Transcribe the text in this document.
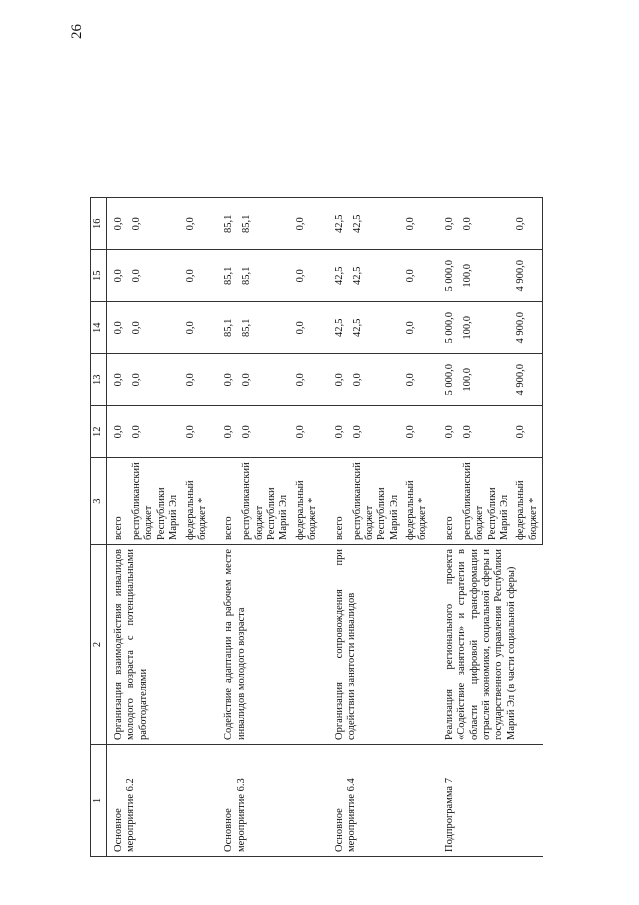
26
1	2	3	12	13	14	15	16
Основное мероприятие 6.2	Организация взаимодействия инвалидов молодого возраста с потенциальными работодателями	всего	0,0	0,0	0,0	0,0	0,0
		республиканский бюджет Республики Марий Эл	0,0	0,0	0,0	0,0	0,0
		федеральный бюджет *	0,0	0,0	0,0	0,0	0,0
Основное мероприятие 6.3	Содействие адаптации на рабочем месте инвалидов молодого возраста	всего	0,0	0,0	85,1	85,1	85,1
		республиканский бюджет Республики Марий Эл	0,0	0,0	85,1	85,1	85,1
		федеральный бюджет *	0,0	0,0	0,0	0,0	0,0
Основное мероприятие 6.4	Организация сопровождения при содействии занятости инвалидов	всего	0,0	0,0	42,5	42,5	42,5
		республиканский бюджет Республики Марий Эл	0,0	0,0	42,5	42,5	42,5
		федеральный бюджет *	0,0	0,0	0,0	0,0	0,0
Подпрограмма 7	Реализация регионального проекта «Содействие занятости» и стратегии в области цифровой трансформации отраслей экономики, социальной сферы и государственного управления Республики Марий Эл (в части социальной сферы)	всего	0,0	5 000,0	5 000,0	5 000,0	0,0
		республиканский бюджет Республики Марий Эл	0,0	100,0	100,0	100,0	0,0
		федеральный бюджет *	0,0	4 900,0	4 900,0	4 900,0	0,0
